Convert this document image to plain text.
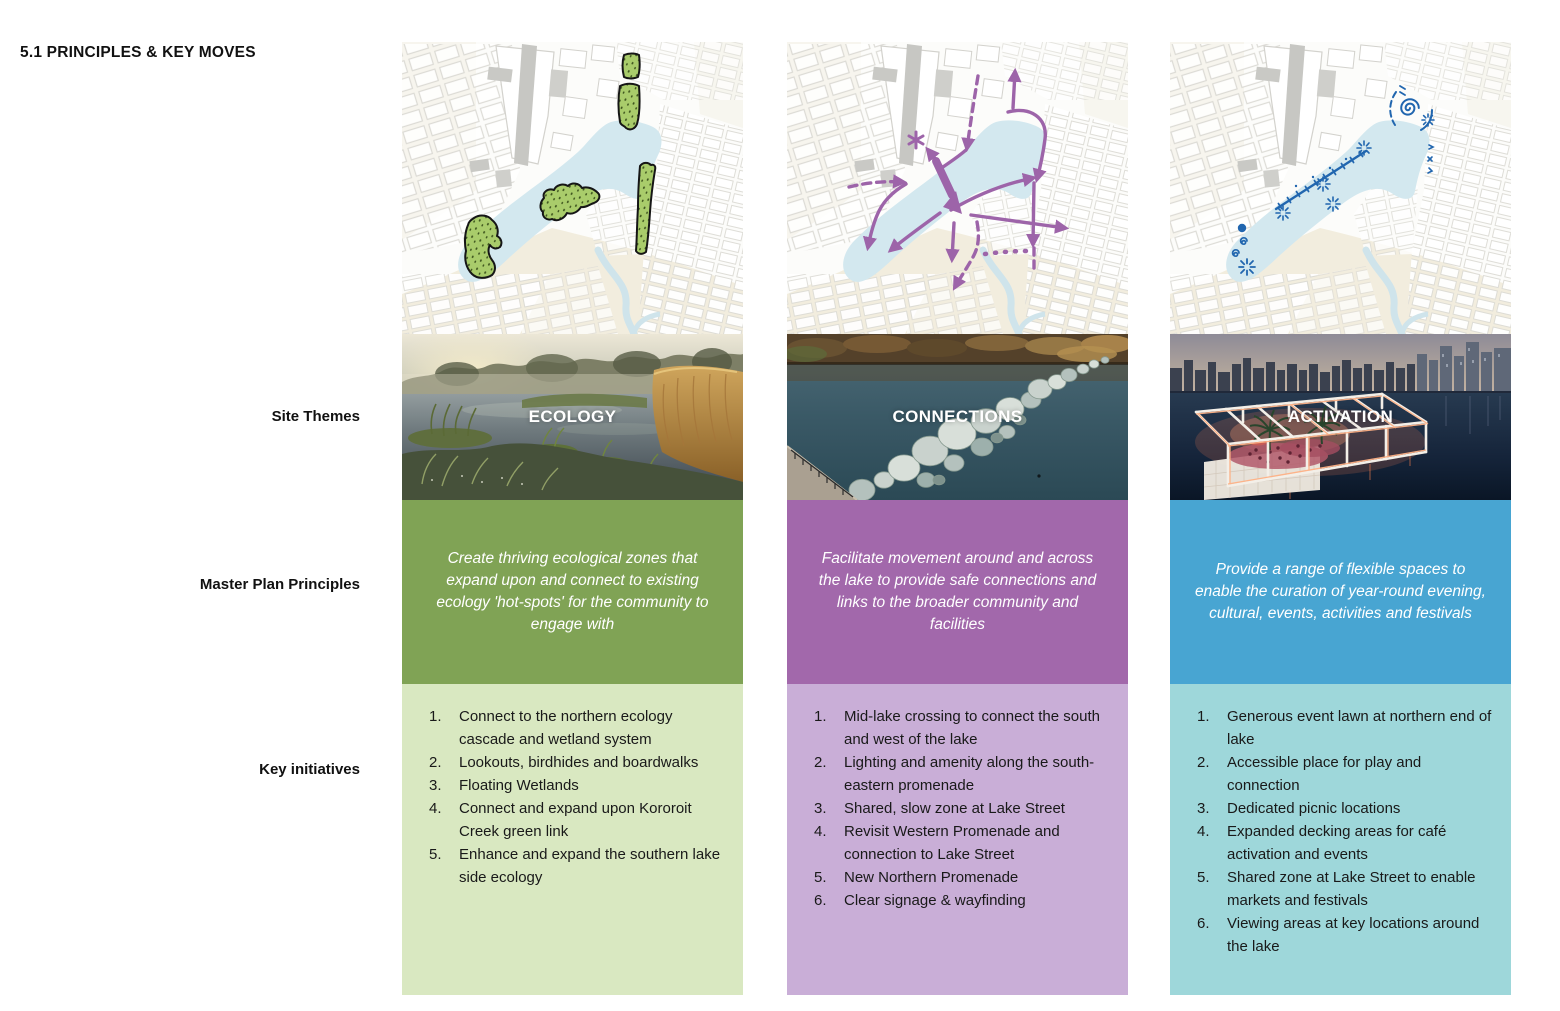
5.1 PRINCIPLES & KEY MOVES
Site Themes
Master Plan Principles
Key initiatives
ECOLOGY
Create thriving ecological zones that expand upon and connect to existing ecology 'hot-spots' for the community to engage with
Connect to the northern ecology cascade and wetland system
Lookouts, birdhides and boardwalks
Floating Wetlands
Connect and expand upon Kororoit Creek green link
Enhance and expand the southern lake side ecology
CONNECTIONS
Facilitate movement around and across the lake to provide safe connections and links to the broader community and facilities
Mid-lake crossing to connect the south and west of the lake
Lighting and amenity along the south-eastern promenade
Shared, slow zone at Lake Street
Revisit Western Promenade and connection to Lake Street
New Northern Promenade
Clear signage & wayfinding
ACTIVATION
Provide a range of flexible spaces to enable the curation of year-round evening, cultural, events, activities and festivals
Generous event lawn at northern end of lake
Accessible place for play and connection
Dedicated picnic locations
Expanded decking areas for café activation and events
Shared zone at Lake Street to enable markets and festivals
Viewing areas at key locations around the lake
